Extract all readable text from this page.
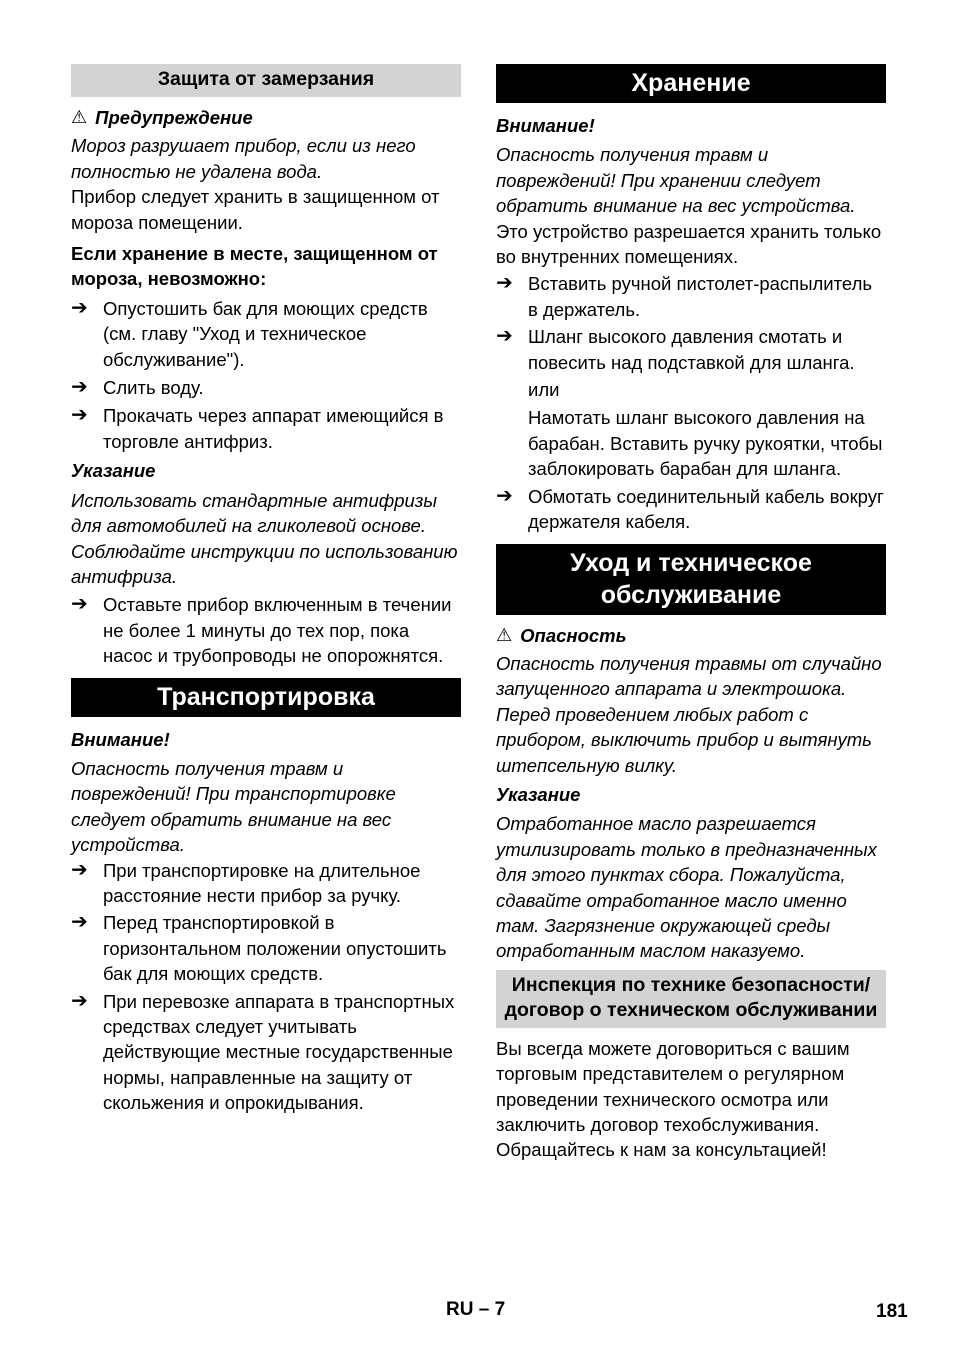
Защита от замерзания
⚠ Предупреждение

Мороз разрушает прибор, если из него полностью не удалена вода.

Прибор следует хранить в защищенном от мороза помещении.

Если хранение в месте, защищенном от мороза, невозможно:

➔ Опустошить бак для моющих средств (см. главу "Уход и техническое обслуживание").
➔ Слить воду.
➔ Прокачать через аппарат имеющийся в торговле антифриз.

Указание

Использовать стандартные антифризы для автомобилей на гликолевой основе.

Соблюдайте инструкции по использованию антифриза.

➔ Оставьте прибор включенным в течении не более 1 минуты до тех пор, пока насос и трубопроводы не опорожнятся.
Транспортировка

Внимание!

Опасность получения травм и повреждений! При транспортировке следует обратить внимание на вес устройства.

➔ При транспортировке на длительное расстояние нести прибор за ручку.
➔ Перед транспортировкой в горизонтальном положении опустошить бак для моющих средств.
➔ При перевозке аппарата в транспортных средствах следует учитывать действующие местные государственные нормы, направленные на защиту от скольжения и опрокидывания.
Хранение

Внимание!

Опасность получения травм и повреждений! При хранении следует обратить внимание на вес устройства.

Это устройство разрешается хранить только во внутренних помещениях.

➔ Вставить ручной пистолет-распылитель в держатель.
➔ Шланг высокого давления смотать и повесить над подставкой для шланга.

или

Намотать шланг высокого давления на барабан. Вставить ручку рукоятки, чтобы заблокировать барабан для шланга.

➔ Обмотать соединительный кабель вокруг держателя кабеля.
Уход и техническое обслуживание
⚠ Опасность

Опасность получения травмы от случайно запущенного аппарата и электрошока.

Перед проведением любых работ с прибором, выключить прибор и вытянуть штепсельную вилку.

Указание

Отработанное масло разрешается утилизировать только в предназначенных для этого пунктах сбора. Пожалуйста, сдавайте отработанное масло именно там. Загрязнение окружающей среды отработанным маслом наказуемо.

Инспекция по технике безопасности/договор о техническом обслуживании

Вы всегда можете договориться с вашим торговым представителем о регулярном проведении технического осмотра или заключить договор техобслуживания. Обращайтесь к нам за консультацией!

RU – 7	181
